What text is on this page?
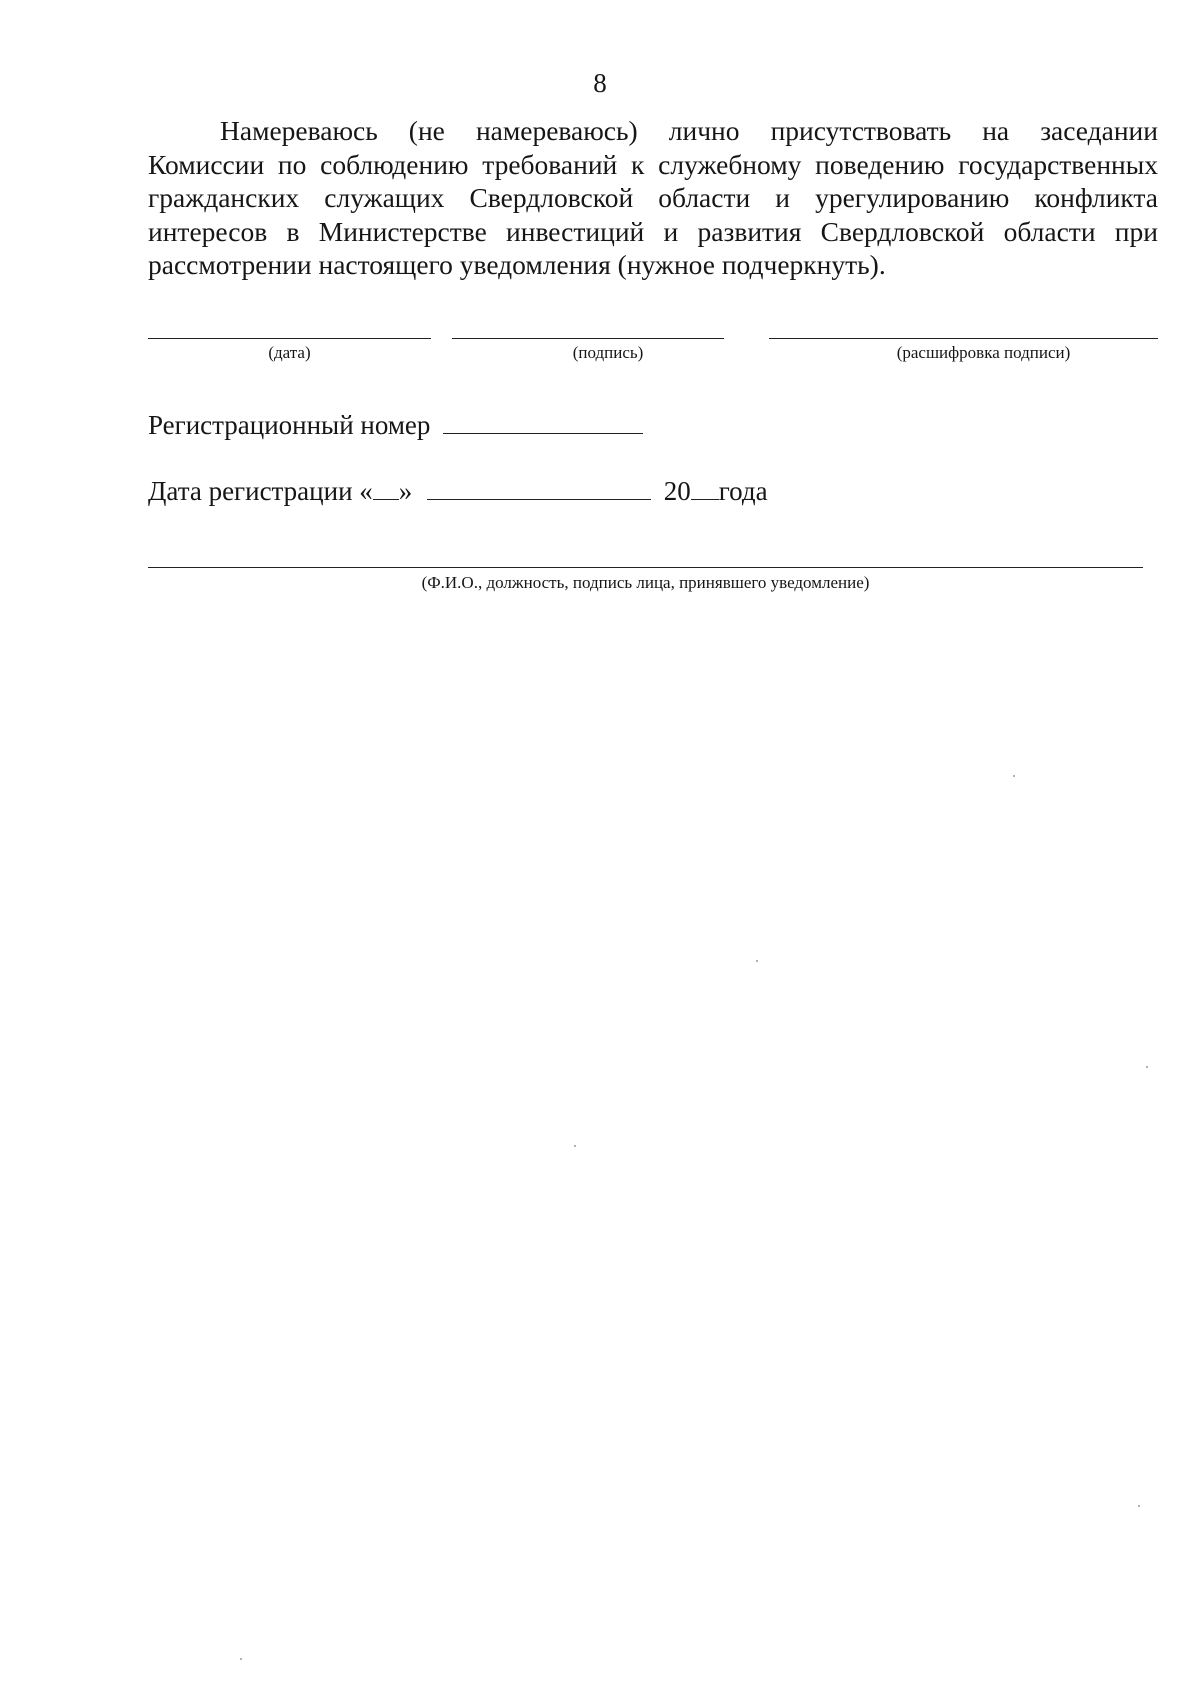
8
Намереваюсь (не намереваюсь) лично присутствовать на заседании
Комиссии по соблюдению требований к служебному поведению государственных
гражданских служащих Свердловской области и урегулированию конфликта
интересов в Министерстве инвестиций и развития Свердловской области при
рассмотрении настоящего уведомления (нужное подчеркнуть).
(дата)	(подпись)	(расшифровка подписи)
Регистрационный номер
Дата регистрации « »	20 года
(Ф.И.О., должность, подпись лица, принявшего уведомление)
